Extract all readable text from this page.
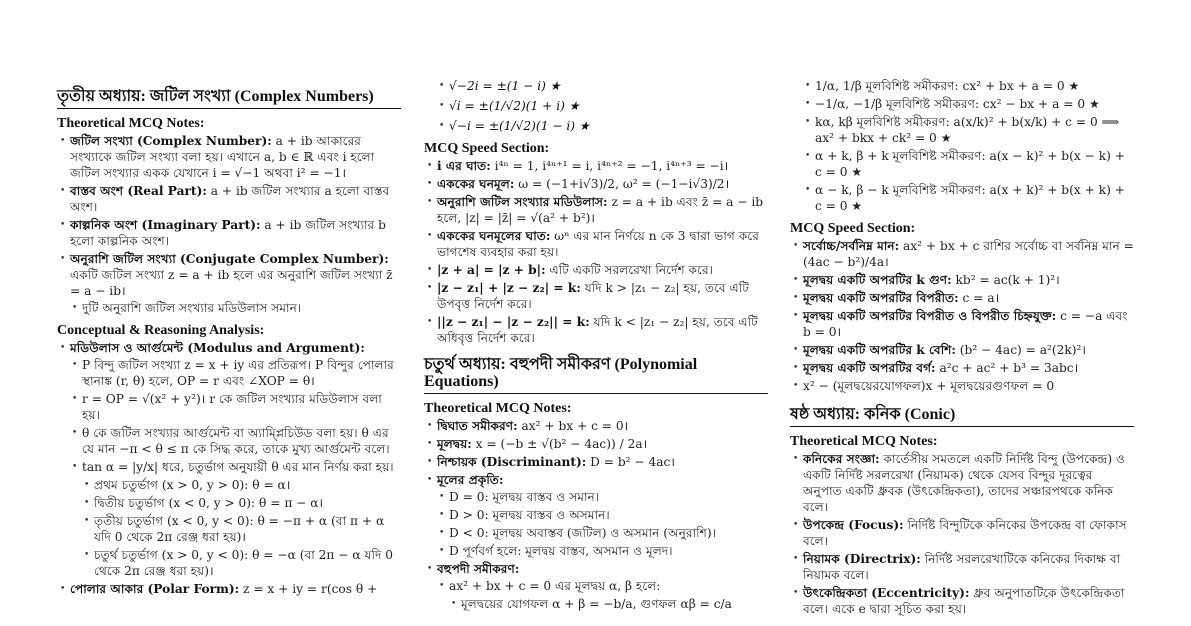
তৃতীয় অধ্যায়: জটিল সংখ্যা (Complex Numbers)
Theoretical MCQ Notes:
• জটিল সংখ্যা (Complex Number): a + ib আকারের সংখ্যাকে জটিল সংখ্যা বলা হয়। এখানে a, b ∈ ℝ এবং i হলো জটিল সংখ্যার একক যেখানে i = √−1 অথবা i² = −1।
• বাস্তব অংশ (Real Part): a + ib জটিল সংখ্যার a হলো বাস্তব অংশ।
• কাল্পনিক অংশ (Imaginary Part): a + ib জটিল সংখ্যার b হলো কাল্পনিক অংশ।
• অনুরাশি জটিল সংখ্যা (Conjugate Complex Number): একটি জটিল সংখ্যা z = a + ib হলে এর অনুরাশি জটিল সংখ্যা z̄ = a − ib।
• দুটি অনুরাশি জটিল সংখ্যার মডিউলাস সমান।
Conceptual & Reasoning Analysis:
• মডিউলাস ও আর্গুমেন্ট (Modulus and Argument):
• P বিন্দু জটিল সংখ্যা z = x + iy এর প্রতিরূপ। P বিন্দুর পোলার স্থানাঙ্ক (r, θ) হলে, OP = r এবং ∠XOP = θ।
• r = OP = √(x² + y²)। r কে জটিল সংখ্যার মডিউলাস বলা হয়।
• θ কে জটিল সংখ্যার আর্গুমেন্ট বা অ্যাম্প্লিচিউড বলা হয়। θ এর যে মান −π < θ ≤ π কে সিদ্ধ করে, তাকে মুখ্য আর্গুমেন্ট বলে।
• tan α = |y/x| ধরে, চতুর্ভাগ অনুযায়ী θ এর মান নির্ণয় করা হয়।
• প্রথম চতুর্ভাগ (x > 0, y > 0): θ = α।
• দ্বিতীয় চতুর্ভাগ (x < 0, y > 0): θ = π − α।
• তৃতীয় চতুর্ভাগ (x < 0, y < 0): θ = −π + α (বা π + α যদি 0 থেকে 2π রেঞ্জ ধরা হয়)।
• চতুর্থ চতুর্ভাগ (x > 0, y < 0): θ = −α (বা 2π − α যদি 0 থেকে 2π রেঞ্জ ধরা হয়)।
• পোলার আকার (Polar Form): z = x + iy = r(cos θ +
• √−2i = ±(1 − i) ★
• √i = ±(1/√2)(1 + i) ★
• √−i = ±(1/√2)(1 − i) ★
MCQ Speed Section:
• i এর ঘাত: i⁴ⁿ = 1, i⁴ⁿ⁺¹ = i, i⁴ⁿ⁺² = −1, i⁴ⁿ⁺³ = −i।
• এককের ঘনমূল: ω = (−1+i√3)/2, ω² = (−1−i√3)/2।
• অনুরাশি জটিল সংখ্যার মডিউলাস: z = a + ib এবং z̄ = a − ib হলে, |z| = |z̄| = √(a² + b²)।
• এককের ঘনমূলের ঘাত: ωⁿ এর মান নির্ণয়ে n কে 3 দ্বারা ভাগ করে ভাগশেষ ব্যবহার করা হয়।
• |z + a| = |z + b|: এটি একটি সরলরেখা নির্দেশ করে।
• |z − z₁| + |z − z₂| = k: যদি k > |z₁ − z₂| হয়, তবে এটি উপবৃত্ত নির্দেশ করে।
• ||z − z₁| − |z − z₂|| = k: যদি k < |z₁ − z₂| হয়, তবে এটি অধিবৃত্ত নির্দেশ করে।
চতুর্থ অধ্যায়: বহুপদী সমীকরণ (Polynomial Equations)
Theoretical MCQ Notes:
• দ্বিঘাত সমীকরণ: ax² + bx + c = 0।
• মূলদ্বয়: x = (−b ± √(b² − 4ac)) / 2a।
• নিশ্চায়ক (Discriminant): D = b² − 4ac।
• মূলের প্রকৃতি:
• D = 0: মূলদ্বয় বাস্তব ও সমান।
• D > 0: মূলদ্বয় বাস্তব ও অসমান।
• D < 0: মূলদ্বয় অবাস্তব (জটিল) ও অসমান (অনুরাশি)।
• D পূর্ণবর্গ হলে: মূলদ্বয় বাস্তব, অসমান ও মূলদ।
• বহুপদী সমীকরণ:
• ax² + bx + c = 0 এর মূলদ্বয় α, β হলে:
• মূলদ্বয়ের যোগফল α + β = −b/a, গুণফল αβ = c/a
• 1/α, 1/β মূলবিশিষ্ট সমীকরণ: cx² + bx + a = 0 ★
• −1/α, −1/β মূলবিশিষ্ট সমীকরণ: cx² − bx + a = 0 ★
• kα, kβ মূলবিশিষ্ট সমীকরণ: a(x/k)² + b(x/k) + c = 0 ⟹ ax² + bkx + ck² = 0 ★
• α + k, β + k মূলবিশিষ্ট সমীকরণ: a(x − k)² + b(x − k) + c = 0 ★
• α − k, β − k মূলবিশিষ্ট সমীকরণ: a(x + k)² + b(x + k) + c = 0 ★
MCQ Speed Section:
• সর্বোচ্চ/সর্বনিম্ন মান: ax² + bx + c রাশির সর্বোচ্চ বা সর্বনিম্ন মান = (4ac − b²)/4a।
• মূলদ্বয় একটি অপরটির k গুণ: kb² = ac(k + 1)²।
• মূলদ্বয় একটি অপরটির বিপরীত: c = a।
• মূলদ্বয় একটি অপরটির বিপরীত ও বিপরীত চিহ্নযুক্ত: c = −a এবং b = 0।
• মূলদ্বয় একটি অপরটির k বেশি: (b² − 4ac) = a²(2k)²।
• মূলদ্বয় একটি অপরটির বর্গ: a²c + ac² + b³ = 3abc।
• x² − (মূলদ্বয়েরযোগফল)x + মূলদ্বয়েরগুণফল = 0
ষষ্ঠ অধ্যায়: কনিক (Conic)
Theoretical MCQ Notes:
• কনিকের সংজ্ঞা: কার্তেসীয় সমতলে একটি নির্দিষ্ট বিন্দু (উপকেন্দ্র) ও একটি নির্দিষ্ট সরলরেখা (নিয়ামক) থেকে যেসব বিন্দুর দূরত্বের অনুপাত একটি ধ্রুবক (উৎকেন্দ্রিকতা), তাদের সঞ্চারপথকে কনিক বলে।
• উপকেন্দ্র (Focus): নির্দিষ্ট বিন্দুটিকে কনিকের উপকেন্দ্র বা ফোকাস বলে।
• নিয়ামক (Directrix): নির্দিষ্ট সরলরেখাটিকে কনিকের দিকাক্ষ বা নিয়ামক বলে।
• উৎকেন্দ্রিকতা (Eccentricity): ধ্রুব অনুপাতটিকে উৎকেন্দ্রিকতা বলে। একে e দ্বারা সূচিত করা হয়।
